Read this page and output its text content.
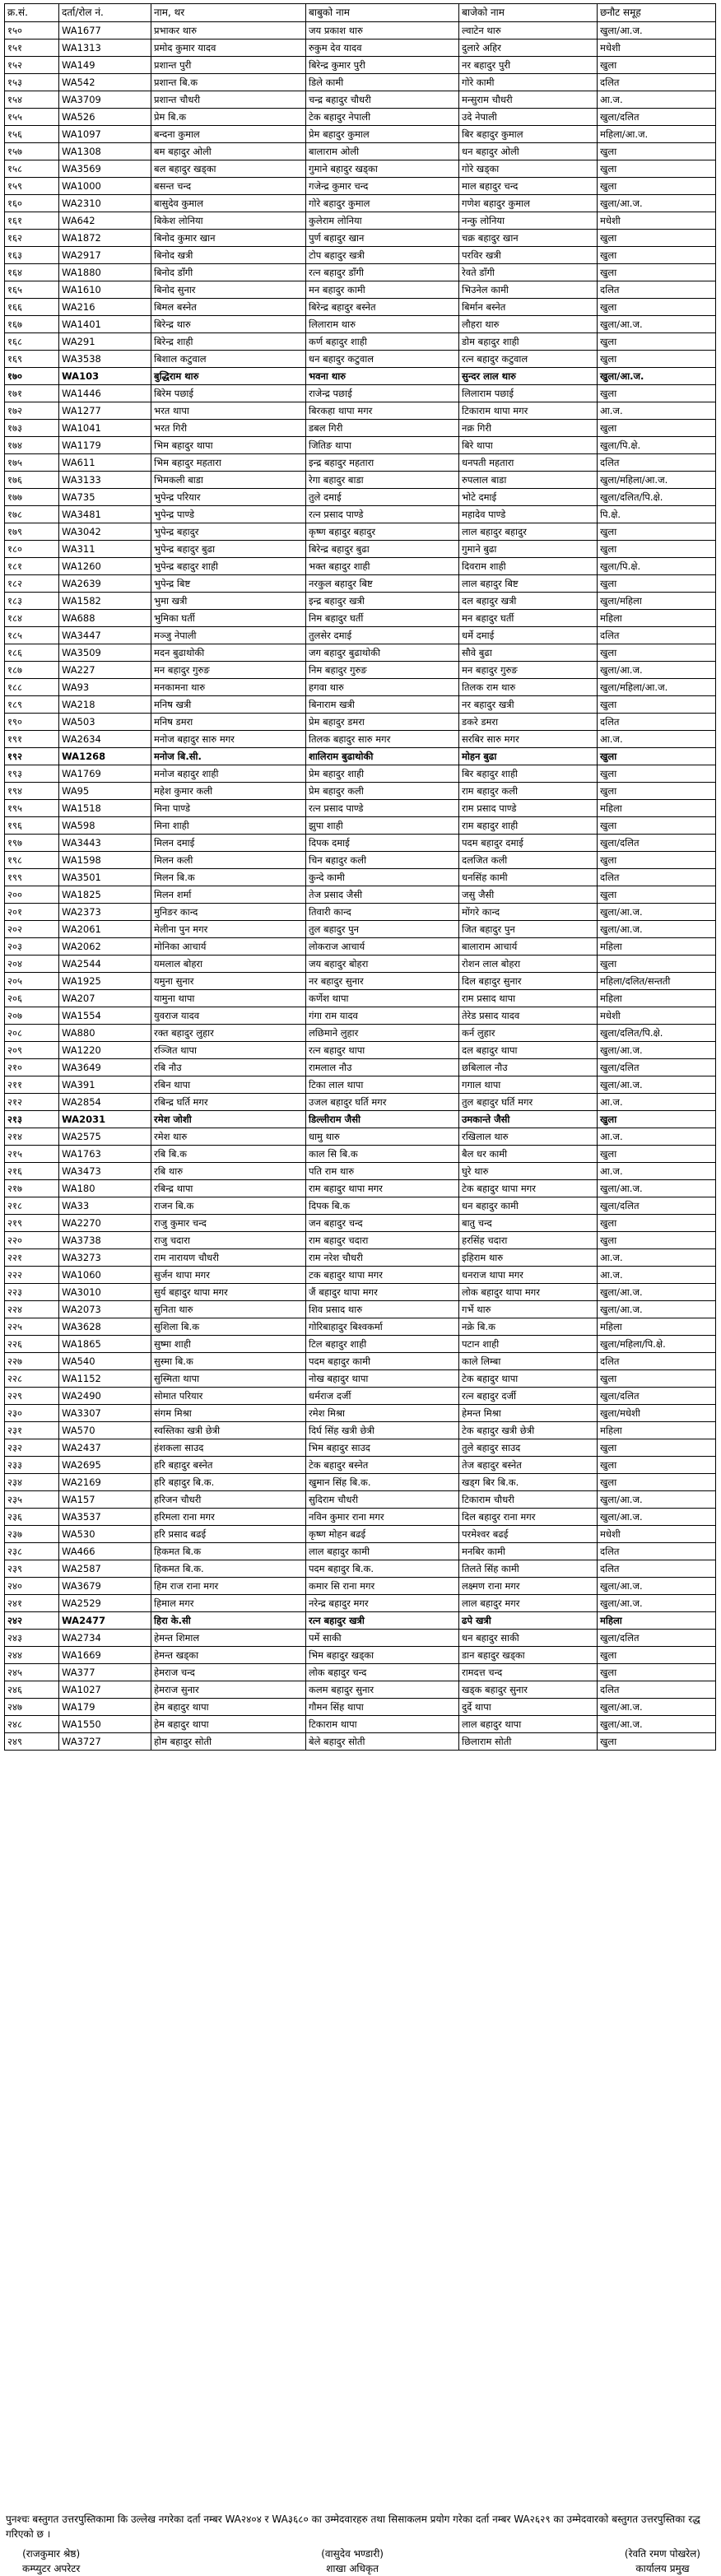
क्र.सं.	दर्ता/रोल नं.	नाम, थर	बाबुको नाम	बाजेको नाम	छनौट समूह
१५०	WA1677	प्रभाकर थारु	जय प्रकाश थारु	ल्वाटेन थारु	खुला/आ.ज.
१५१	WA1313	प्रमोद कुमार यादव	रुकुम देव यादव	दुलारे अहिर	मधेशी
१५२	WA149	प्रशान्त पुरी	बिरेन्द्र कुमार पुरी	नर बहादुर पुरी	खुला
१५३	WA542	प्रशान्त बि.क	डिले कामी	गोरे कामी	दलित
१५४	WA3709	प्रशान्त चौधरी	चन्द्र बहादुर चौधरी	मन्सुराम चौधरी	आ.ज.
१५५	WA526	प्रेम बि.क	टेक बहादुर नेपाली	उदे नेपाली	खुला/दलित
१५६	WA1097	बन्दना कुमाल	प्रेम बहादुर कुमाल	बिर बहादुर कुमाल	महिला/आ.ज.
१५७	WA1308	बम बहादुर ओली	बालाराम ओली	धन बहादुर ओली	खुला
१५८	WA3569	बल बहादुर खड्का	गुमाने बहादुर खड्का	गोरे खड्का	खुला
१५९	WA1000	बसन्त चन्द	गजेन्द्र कुमार चन्द	माल बहादुर चन्द	खुला
१६०	WA2310	बासुदेव कुमाल	गोरे बहादुर कुमाल	गणेश बहादुर कुमाल	खुला/आ.ज.
१६१	WA642	बिकेश लोनिया	कुलेराम लोनिया	नन्कु लोनिया	मधेशी
१६२	WA1872	बिनोद कुमार खान	पुर्ण बहादुर खान	चक्र बहादुर खान	खुला
१६३	WA2917	बिनोद खत्री	टोप बहादुर खत्री	परविर खत्री	खुला
१६४	WA1880	बिनोद डाँगी	रत्न बहादुर डाँगी	रेवते डाँगी	खुला
१६५	WA1610	बिनोद सुनार	मन बहादुर कामी	भिउनेल कामी	दलित
१६६	WA216	बिमल बस्नेत	बिरेन्द्र बहादुर बस्नेत	बिर्मान बस्नेत	खुला
१६७	WA1401	बिरेन्द्र थारु	लिलाराम थारु	लौहरा थारु	खुला/आ.ज.
१६८	WA291	बिरेन्द्र शाही	कर्ण बहादुर शाही	डोम बहादुर शाही	खुला
१६९	WA3538	बिशाल कटुवाल	धन बहादुर कटुवाल	रत्न बहादुर कटुवाल	खुला
१७०	WA103	बुद्धिराम थारु	भवना थारु	सुन्दर लाल थारु	खुला/आ.ज.
१७१	WA1446	बिरेम पछाई	राजेन्द्र पछाई	लिलाराम पछाई	खुला
१७२	WA1277	भरत थापा	बिरकहा थापा मगर	टिकाराम थापा मगर	आ.ज.
१७३	WA1041	भरत गिरी	डबल गिरी	नक्र गिरी	खुला
१७४	WA1179	भिम बहादुर थापा	जितिङ थापा	बिरे थापा	खुला/पि.क्षे.
१७५	WA611	भिम बहादुर महतारा	इन्द्र बहादुर महतारा	धनपती महतारा	दलित
१७६	WA3133	भिमकली बाडा	रेगा बहादुर बाडा	रुपलाल बाडा	खुला/महिला/आ.ज.
१७७	WA735	भुपेन्द्र परियार	तुले दमाई	भोटे दमाई	खुला/दलित/पि.क्षे.
१७८	WA3481	भुपेन्द्र पाण्डे	रत्न प्रसाद पाण्डे	महादेव पाण्डे	पि.क्षे.
१७९	WA3042	भुपेन्द्र बहादुर	कृष्ण बहादुर बहादुर	लाल बहादुर बहादुर	खुला
१८०	WA311	भुपेन्द्र बहादुर बुढा	बिरेन्द्र बहादुर बुढा	गुमाने बुढा	खुला
१८१	WA1260	भुपेन्द्र बहादुर शाही	भक्त बहादुर शाही	दिवराम शाही	खुला/पि.क्षे.
१८२	WA2639	भुपेन्द्र बिष्ट	नरकुल बहादुर बिष्ट	लाल बहादुर बिष्ट	खुला
१८३	WA1582	भुमा खत्री	इन्द्र बहादुर खत्री	दल बहादुर खत्री	खुला/महिला
१८४	WA688	भुमिका घर्ती	निम बहादुर घर्ती	मन बहादुर घर्ती	महिला
१८५	WA3447	मञ्जु नेपाली	तुलसेर दमाई	धर्मे दमाई	दलित
१८६	WA3509	मदन बुढाथोकी	जग बहादुर बुढाथोकी	सौवे बुढा	खुला
१८७	WA227	मन बहादुर गुरुङ	निम बहादुर गुरुङ	मन बहादुर गुरुङ	खुला/आ.ज.
१८८	WA93	मनकामना थारु	हगवा थारु	तिलक राम थारु	खुला/महिला/आ.ज.
१८९	WA218	मनिष खत्री	बिनाराम खत्री	नर बहादुर खत्री	खुला
१९०	WA503	मनिष डमरा	प्रेम बहादुर डमरा	डकरे डमरा	दलित
१९१	WA2634	मनोज बहादुर सारु मगर	तिलक बहादुर सारु मगर	सरबिर सारु मगर	आ.ज.
१९२	WA1268	मनोज बि.सी.	शालिराम बुढाथोकी	मोहन बुढा	खुला
१९३	WA1769	मनोज बहादुर शाही	प्रेम बहादुर शाही	बिर बहादुर शाही	खुला
१९४	WA95	महेश कुमार कली	प्रेम बहादुर कली	राम बहादुर कली	खुला
१९५	WA1518	मिना पाण्डे	रत्न प्रसाद पाण्डे	राम प्रसाद पाण्डे	महिला
१९६	WA598	मिना शाही	झुपा शाही	राम बहादुर शाही	खुला
१९७	WA3443	मिलन दमाई	दिपक दमाई	पदम बहादुर दमाई	खुला/दलित
१९८	WA1598	मिलन कली	चिन बहादुर कली	दलजित कली	खुला
१९९	WA3501	मिलन बि.क	कुन्दे कामी	धनसिंह कामी	दलित
२००	WA1825	मिलन शर्मा	तेज प्रसाद जैसी	जसु जैसी	खुला
२०१	WA2373	मुनिङर कान्द	तिवारी कान्द	मोंगरे कान्द	खुला/आ.ज.
२०२	WA2061	मेलीना पुन मगर	तुल बहादुर पुन	जित बहादुर पुन	खुला/आ.ज.
२०३	WA2062	मोनिका आचार्य	लोकराज आचार्य	बालाराम आचार्य	महिला
२०४	WA2544	यमलाल बोहरा	जय बहादुर बोहरा	रोशन लाल बोहरा	खुला
२०५	WA1925	यमुना सुनार	नर बहादुर सुनार	दिल बहादुर सुनार	महिला/दलित/सन्तती
२०६	WA207	यामुना थापा	कर्णेश थापा	राम प्रसाद थापा	महिला
२०७	WA1554	युवराज यादव	गंगा राम यादव	तेरेड प्रसाद यादव	मधेशी
२०८	WA880	रक्त बहादुर लुहार	लछिमाने लुहार	कर्न लुहार	खुला/दलित/पि.क्षे.
२०९	WA1220	रञ्जित थापा	रत्न बहादुर थापा	दल बहादुर थापा	खुला/आ.ज.
२१०	WA3649	रबि नौउ	रामलाल नौउ	छबिलाल नौउ	खुला/दलित
२११	WA391	रबिन थापा	टिका लाल थापा	गगाल थापा	खुला/आ.ज.
२१२	WA2854	रबिन्द्र घर्ति मगर	उजल बहादुर घर्ति मगर	तुल बहादुर घर्ति मगर	आ.ज.
२१३	WA2031	रमेश जोशी	डिल्लीराम जैसी	उमकान्ते जैसी	खुला
२१४	WA2575	रमेश थारु	धामु थारु	रखिलाल थारु	आ.ज.
२१५	WA1763	रबि बि.क	काल सि बि.क	बैल धर कामी	खुला
२१६	WA3473	रबि थारु	पति राम थारु	घुरे थारु	आ.ज.
२१७	WA180	रबिन्द्र थापा	राम बहादुर थापा मगर	टेक बहादुर थापा मगर	खुला/आ.ज.
२१८	WA33	राजन बि.क	दिपक बि.क	धन बहादुर कामी	खुला/दलित
२१९	WA2270	राजु कुमार चन्द	जन बहादुर चन्द	बातु चन्द	खुला
२२०	WA3738	राजु चदारा	राम बहादुर चदारा	हरसिंह चदारा	खुला
२२१	WA3273	राम नारायण चौधरी	राम नरेश चौधरी	इहिराम थारु	आ.ज.
२२२	WA1060	सुर्जन थापा मगर	टक बहादुर थापा मगर	धनराज थापा मगर	आ.ज.
२२३	WA3010	सुर्य बहादुर थापा मगर	जैं बहादुर थापा मगर	लोक बहादुर थापा मगर	खुला/आ.ज.
२२४	WA2073	सुनिता थारु	शिव प्रसाद थारु	गर्भे थारु	खुला/आ.ज.
२२५	WA3628	सुशिला बि.क	गोरिबाहादुर बिश्वकर्मा	नक्रे बि.क	महिला
२२६	WA1865	सुष्मा शाही	टिल बहादुर शाही	पटान शाही	खुला/महिला/पि.क्षे.
२२७	WA540	सुस्मा बि.क	पदम बहादुर कामी	काले लिम्बा	दलित
२२८	WA1152	सुस्मिता थापा	नोख बहादुर थापा	टेक बहादुर थापा	खुला
२२९	WA2490	सोमात परियार	धर्मराज दर्जी	रत्न बहादुर दर्जी	खुला/दलित
२३०	WA3307	संगम मिश्रा	रमेश मिश्रा	हेमन्त मिश्रा	खुला/मधेशी
२३१	WA570	स्वस्तिका खत्री छेत्री	दिर्घ सिंह खत्री छेत्री	टेक बहादुर खत्री छेत्री	महिला
२३२	WA2437	हंशकला साउद	भिम बहादुर साउद	तुले बहादुर साउद	खुला
२३३	WA2695	हरि बहादुर बस्नेत	टेक बहादुर बस्नेत	तेज बहादुर बस्नेत	खुला
२३४	WA2169	हरि बहादुर बि.क.	खुमान सिंह बि.क.	खड्ग बिर बि.क.	खुला
२३५	WA157	हरिजन चौधरी	सुदिराम चौधरी	टिकाराम चौधरी	खुला/आ.ज.
२३६	WA3537	हरिमला राना मगर	नविन कुमार राना मगर	दिल बहादुर राना मगर	खुला/आ.ज.
२३७	WA530	हरि प्रसाद बढई	कृष्ण मोहन बढई	परमेश्वर बढई	मधेशी
२३८	WA466	हिकमत बि.क	लाल बहादुर कामी	मनबिर कामी	दलित
२३९	WA2587	हिकमत बि.क.	पदम बहादुर बि.क.	तिलते सिंह कामी	दलित
२४०	WA3679	हिम राज राना मगर	कमार सि राना मगर	लक्ष्मण राना मगर	खुला/आ.ज.
२४१	WA2529	हिमाल मगर	नरेन्द्र बहादुर मगर	लाल बहादुर मगर	खुला/आ.ज.
२४२	WA2477	हिरा के.सी	रत्न बहादुर खत्री	ढपे खत्री	महिला
२४३	WA2734	हेमन्त शिमाल	पर्मे साकी	धन बहादुर साकी	खुला/दलित
२४४	WA1669	हेमन्त खड्का	भिम बहादुर खड्का	डान बहादुर खड्का	खुला
२४५	WA377	हेमराज चन्द	लोक बहादुर चन्द	रामदत्त चन्द	खुला
२४६	WA1027	हेमराज सुनार	कलम बहादुर सुनार	खड्क बहादुर सुनार	दलित
२४७	WA179	हेम बहादुर थापा	गौमन सिंह थापा	दुर्दे थापा	खुला/आ.ज.
२४८	WA1550	हेम बहादुर थापा	टिकाराम थापा	लाल बहादुर थापा	खुला/आ.ज.
२४९	WA3727	होम बहादुर सोती	बेले बहादुर सोती	छिलाराम सोती	खुला

पुनश्चः बस्तुगत उत्तरपुस्तिकामा कि उल्लेख नगरेका दर्ता नम्बर WA२४०४ र WA३६८० का उम्मेदवारहरु तथा सिसाकलम प्रयोग गरेका दर्ता नम्बर WA२६२९ का उम्मेदवारको बस्तुगत उत्तरपुस्तिका रद्ध गरिएको छ ।

(राजकुमार श्रेष्ठ)
कम्प्युटर अपरेटर
(वासुदेव भण्डारी)
शाखा अधिकृत
(रेवति रमण पोखरेल)
कार्यालय प्रमुख
